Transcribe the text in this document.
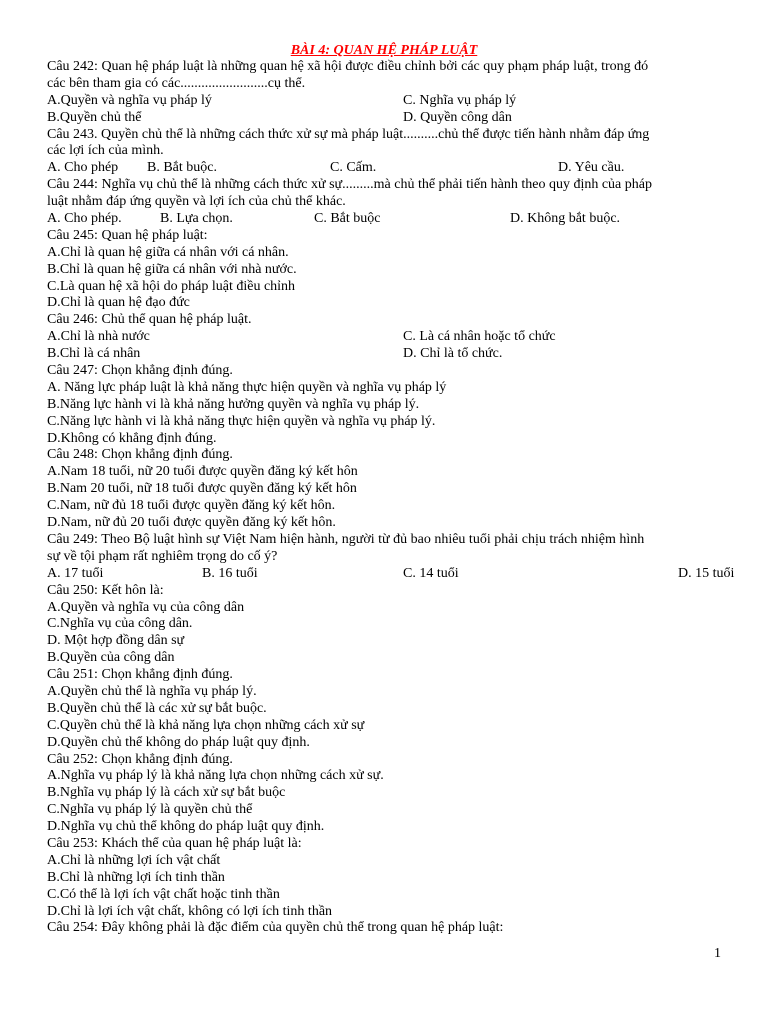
BÀI 4: QUAN HỆ PHÁP LUẬT
Câu 242: Quan hệ pháp luật là những quan hệ xã hội được điều chỉnh bởi các quy phạm pháp luật, trong đó
các bên tham gia có các.........................cụ thể.
A.Quyền và nghĩa vụ pháp lý	C. Nghĩa vụ pháp lý
B.Quyền chủ thể	D. Quyền công dân
Câu 243. Quyền chủ thể là những cách thức xử sự mà pháp luật..........chủ thể được tiến hành nhằm đáp ứng
các lợi ích của mình.
A. Cho phép B. Bắt buộc.	C. Cấm.	D. Yêu cầu.
Câu 244: Nghĩa vụ chủ thể là những cách thức xử sự.........mà chủ thể phải tiến hành theo quy định của pháp
luật nhằm đáp ứng quyền và lợi ích của chủ thể khác.
A. Cho phép.	B. Lựa chọn.	C. Bắt buộc	D. Không bắt buộc.
Câu 245: Quan hệ pháp luật:
A.Chỉ là quan hệ giữa cá nhân với cá nhân.
B.Chỉ là quan hệ giữa cá nhân với nhà nước.
C.Là quan hệ xã hội do pháp luật điều chỉnh
D.Chỉ là quan hệ đạo đức
Câu 246: Chủ thể quan hệ pháp luật.
A.Chỉ là nhà nước	C. Là cá nhân hoặc tổ chức
B.Chỉ là cá nhân	D. Chỉ là tổ chức.
Câu 247: Chọn khẳng định đúng.
A. Năng lực pháp luật là khả năng thực hiện quyền và nghĩa vụ pháp lý
B.Năng lực hành vi là khả năng hưởng quyền và nghĩa vụ pháp lý.
C.Năng lực hành vi là khả năng thực hiện quyền và nghĩa vụ pháp lý.
D.Không có khẳng định đúng.
Câu 248: Chọn khẳng định đúng.
A.Nam 18 tuổi, nữ 20 tuổi được quyền đăng ký kết hôn
B.Nam 20 tuổi, nữ 18 tuổi được quyền đăng ký kết hôn
C.Nam, nữ đủ 18 tuổi được quyền đăng ký kết hôn.
D.Nam, nữ đủ 20 tuổi được quyền đăng ký kết hôn.
Câu 249: Theo Bộ luật hình sự Việt Nam hiện hành, người từ đủ bao nhiêu tuổi phải chịu trách nhiệm hình
sự về tội phạm rất nghiêm trọng do cố ý?
A. 17 tuổi	B. 16 tuổi	C. 14 tuổi	D. 15 tuổi
Câu 250: Kết hôn là:
A.Quyền và nghĩa vụ của công dân
C.Nghĩa vụ của công dân.
D. Một hợp đồng dân sự
B.Quyền của công dân
Câu 251: Chọn khẳng định đúng.
A.Quyền chủ thể là nghĩa vụ pháp lý.
B.Quyền chủ thể là các xử sự bắt buộc.
C.Quyền chủ thể là khả năng lựa chọn những cách xử sự
D.Quyền chủ thể không do pháp luật quy định.
Câu 252: Chọn khẳng định đúng.
A.Nghĩa vụ pháp lý là khả năng lựa chọn những cách xử sự.
B.Nghĩa vụ pháp lý là cách xử sự bắt buộc
C.Nghĩa vụ pháp lý là quyền chủ thể
D.Nghĩa vụ chủ thể không do pháp luật quy định.
Câu 253: Khách thể của quan hệ pháp luật là:
A.Chỉ là những lợi ích vật chất
B.Chỉ là những lợi ích tinh thần
C.Có thể là lợi ích vật chất hoặc tinh thần
D.Chỉ là lợi ích vật chất, không có lợi ích tinh thần
Câu 254: Đây không phải là đặc điểm của quyền chủ thể trong quan hệ pháp luật:
1
